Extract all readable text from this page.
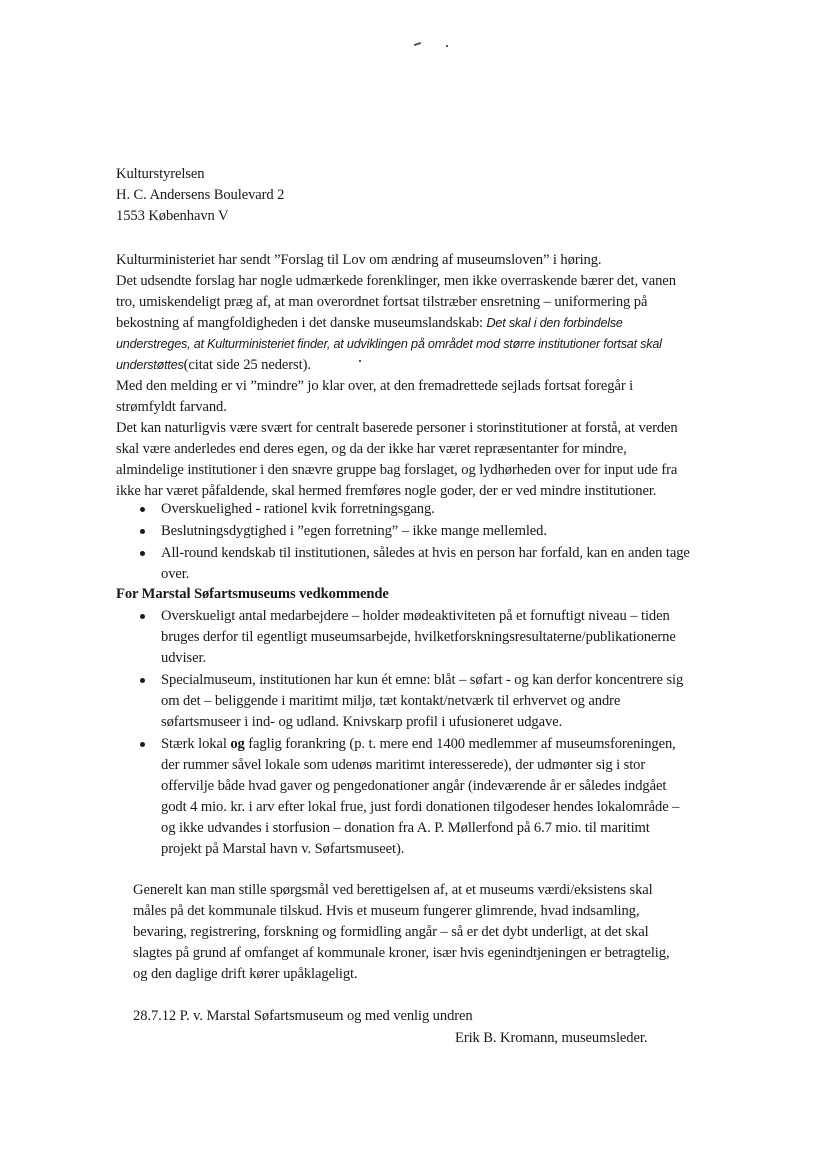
Kulturstyrelsen
H. C. Andersens Boulevard 2
1553 København V
Kulturministeriet har sendt ”Forslag til Lov om ændring af museumsloven” i høring.
Det udsendte forslag har nogle udmærkede forenklinger, men ikke overraskende bærer det, vanen
tro, umiskendeligt præg af, at man overordnet fortsat tilstræber ensretning – uniformering på
bekostning af mangfoldigheden i det danske museumslandskab: Det skal i den forbindelse
understreges, at Kulturministeriet finder, at udviklingen på området mod større institutioner fortsat skal
understøttes(citat side 25 nederst).
Med den melding er vi ”mindre” jo klar over, at den fremadrettede sejlads fortsat foregår i
strømfyldt farvand.
Det kan naturligvis være svært for centralt baserede personer i storinstitutioner at forstå, at verden
skal være anderledes end deres egen, og da der ikke har været repræsentanter for mindre,
almindelige institutioner i den snævre gruppe bag forslaget, og lydhørheden over for input ude fra
ikke har været påfaldende, skal hermed fremføres nogle goder, der er ved mindre institutioner.
Overskuelighed - rationel kvik forretningsgang.
Beslutningsdygtighed i ”egen forretning” – ikke mange mellemled.
All-round kendskab til institutionen, således at hvis en person har forfald, kan en anden tage
over.
For Marstal Søfartsmuseums vedkommende
Overskueligt antal medarbejdere – holder mødeaktiviteten på et fornuftigt niveau – tiden
bruges derfor til egentligt museumsarbejde, hvilketforskningsresultaterne/publikationerne
udviser.
Specialmuseum, institutionen har kun ét emne: blåt – søfart - og kan derfor koncentrere sig
om det – beliggende i maritimt miljø, tæt kontakt/netværk til erhvervet og andre
søfartsmuseer i ind- og udland. Knivskarp profil i ufusioneret udgave.
Stærk lokal og faglig forankring (p. t. mere end 1400 medlemmer af museumsforeningen,
der rummer såvel lokale som udenøs maritimt interesserede), der udmønter sig i stor
offervilje både hvad gaver og pengedonationer angår (indeværende år er således indgået
godt 4 mio. kr. i arv efter lokal frue, just fordi donationen tilgodeser hendes lokalområde –
og ikke udvandes i storfusion – donation fra A. P. Møllerfond på 6.7 mio. til maritimt
projekt på Marstal havn v. Søfartsmuseet).
Generelt kan man stille spørgsmål ved berettigelsen af, at et museums værdi/eksistens skal
måles på det kommunale tilskud. Hvis et museum fungerer glimrende, hvad indsamling,
bevaring, registrering, forskning og formidling angår – så er det dybt underligt, at det skal
slagtes på grund af omfanget af kommunale kroner, især hvis egenindtjeningen er betragtelig,
og den daglige drift kører upåklageligt.
28.7.12 P. v. Marstal Søfartsmuseum og med venlig undren
Erik B. Kromann, museumsleder.
